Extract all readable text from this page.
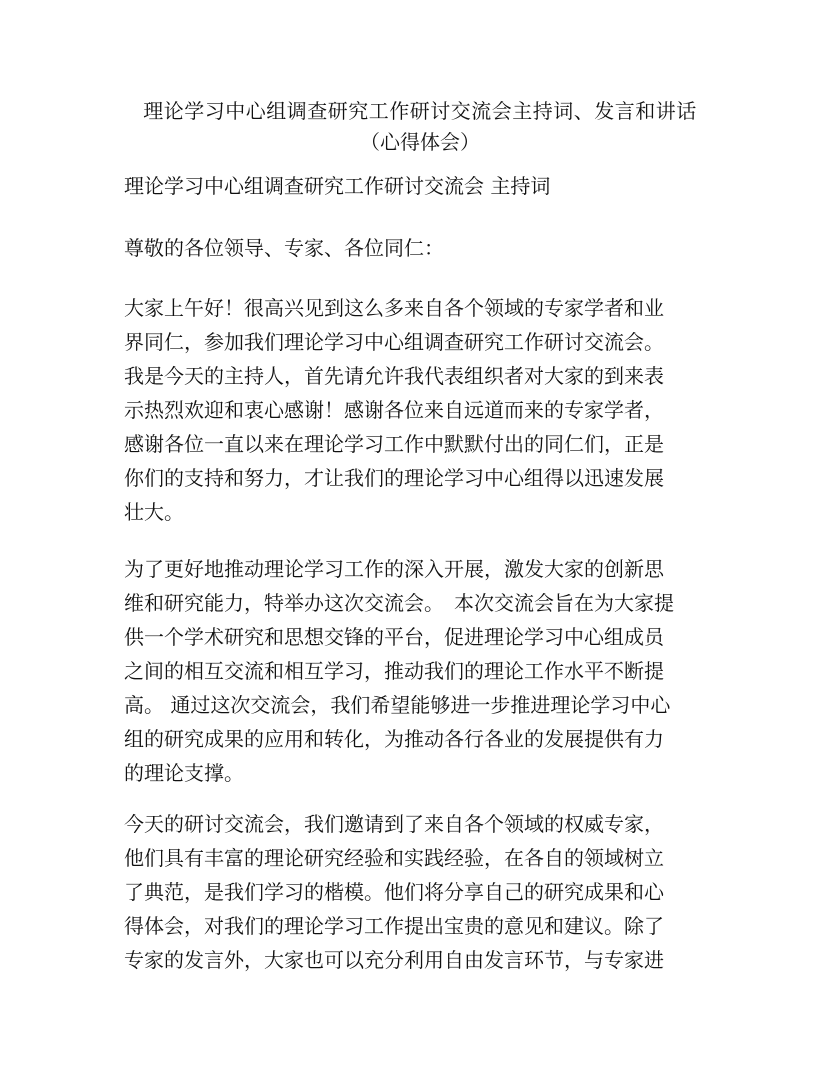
理论学习中心组调查研究工作研讨交流会主持词、发言和讲话
（心得体会）
理论学习中心组调查研究工作研讨交流会 主持词
尊敬的各位领导、专家、各位同仁：
大家上午好！很高兴见到这么多来自各个领域的专家学者和业
界同仁，参加我们理论学习中心组调查研究工作研讨交流会。
我是今天的主持人，首先请允许我代表组织者对大家的到来表
示热烈欢迎和衷心感谢！感谢各位来自远道而来的专家学者，
感谢各位一直以来在理论学习工作中默默付出的同仁们，正是
你们的支持和努力，才让我们的理论学习中心组得以迅速发展
壮大。
为了更好地推动理论学习工作的深入开展，激发大家的创新思
维和研究能力，特举办这次交流会。　本次交流会旨在为大家提
供一个学术研究和思想交锋的平台，促进理论学习中心组成员
之间的相互交流和相互学习，推动我们的理论工作水平不断提
高。 通过这次交流会，我们希望能够进一步推进理论学习中心
组的研究成果的应用和转化，为推动各行各业的发展提供有力
的理论支撑。
今天的研讨交流会，我们邀请到了来自各个领域的权威专家，
他们具有丰富的理论研究经验和实践经验，在各自的领域树立
了典范，是我们学习的楷模。他们将分享自己的研究成果和心
得体会，对我们的理论学习工作提出宝贵的意见和建议。除了
专家的发言外，大家也可以充分利用自由发言环节，与专家进
